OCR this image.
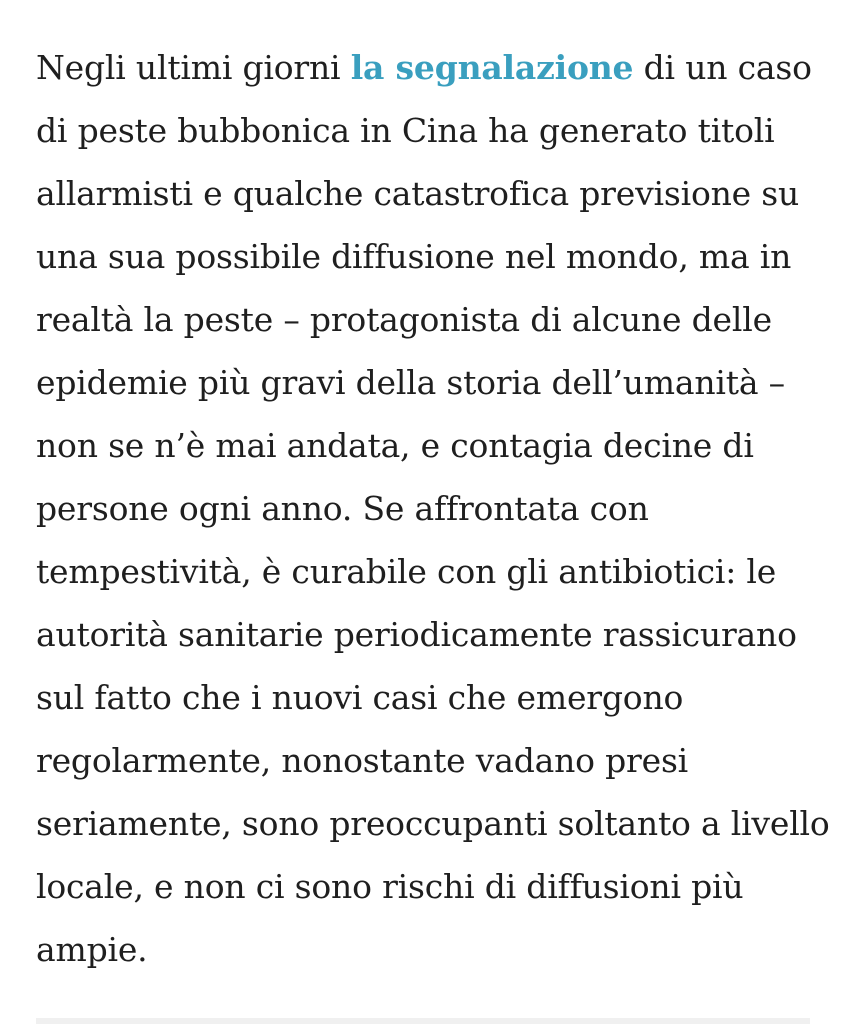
Negli ultimi giorni la segnalazione di un caso
di peste bubbonica in Cina ha generato titoli
allarmisti e qualche catastrofica previsione su
una sua possibile diffusione nel mondo, ma in
realtà la peste – protagonista di alcune delle
epidemie più gravi della storia dell’umanità –
non se n’è mai andata, e contagia decine di
persone ogni anno. Se affrontata con
tempestività, è curabile con gli antibiotici: le
autorità sanitarie periodicamente rassicurano
sul fatto che i nuovi casi che emergono
regolarmente, nonostante vadano presi
seriamente, sono preoccupanti soltanto a livello
locale, e non ci sono rischi di diffusioni più
ampie.
